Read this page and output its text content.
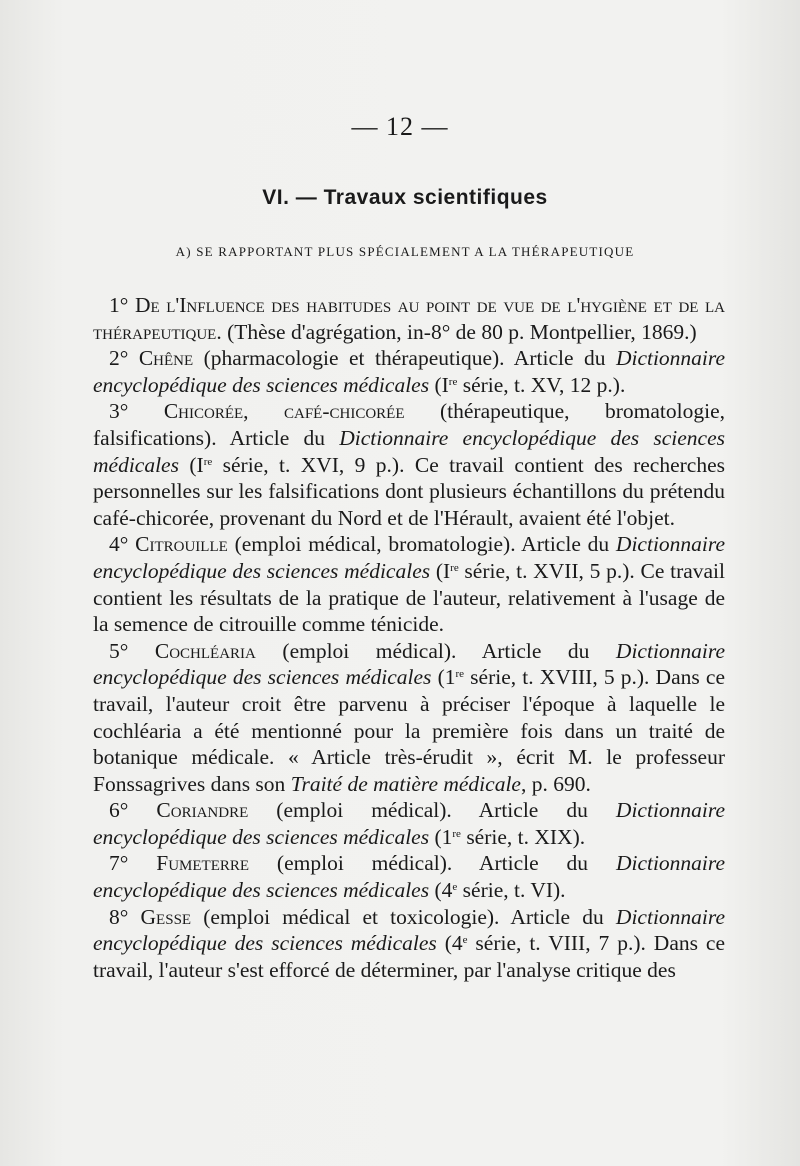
— 12 —
VI. — Travaux scientifiques
A) SE RAPPORTANT PLUS SPÉCIALEMENT A LA THÉRAPEUTIQUE

1° De l'Influence des habitudes au point de vue de l'hygiène et de la thérapeutique. (Thèse d'agrégation, in-8° de 80 p. Montpellier, 1869.)

2° Chêne (pharmacologie et thérapeutique). Article du Dictionnaire encyclopédique des sciences médicales (Ire série, t. XV, 12 p.).

3° Chicorée, café-chicorée (thérapeutique, bromatologie, falsifications). Article du Dictionnaire encyclopédique des sciences médicales (Ire série, t. XVI, 9 p.). Ce travail contient des recherches personnelles sur les falsifications dont plusieurs échantillons du prétendu café-chicorée, provenant du Nord et de l'Hérault, avaient été l'objet.

4° Citrouille (emploi médical, bromatologie). Article du Dictionnaire encyclopédique des sciences médicales (Ire série, t. XVII, 5 p.). Ce travail contient les résultats de la pratique de l'auteur, relativement à l'usage de la semence de citrouille comme ténicide.

5° Cochléaria (emploi médical). Article du Dictionnaire encyclopédique des sciences médicales (1re série, t. XVIII, 5 p.). Dans ce travail, l'auteur croit être parvenu à préciser l'époque à laquelle le cochléaria a été mentionné pour la première fois dans un traité de botanique médicale. « Article très-érudit », écrit M. le professeur Fonssagrives dans son Traité de matière médicale, p. 690.

6° Coriandre (emploi médical). Article du Dictionnaire encyclopédique des sciences médicales (1re série, t. XIX).

7° Fumeterre (emploi médical). Article du Dictionnaire encyclopédique des sciences médicales (4e série, t. VI).

8° Gesse (emploi médical et toxicologie). Article du Dictionnaire encyclopédique des sciences médicales (4e série, t. VIII, 7 p.). Dans ce travail, l'auteur s'est efforcé de déterminer, par l'analyse critique des
